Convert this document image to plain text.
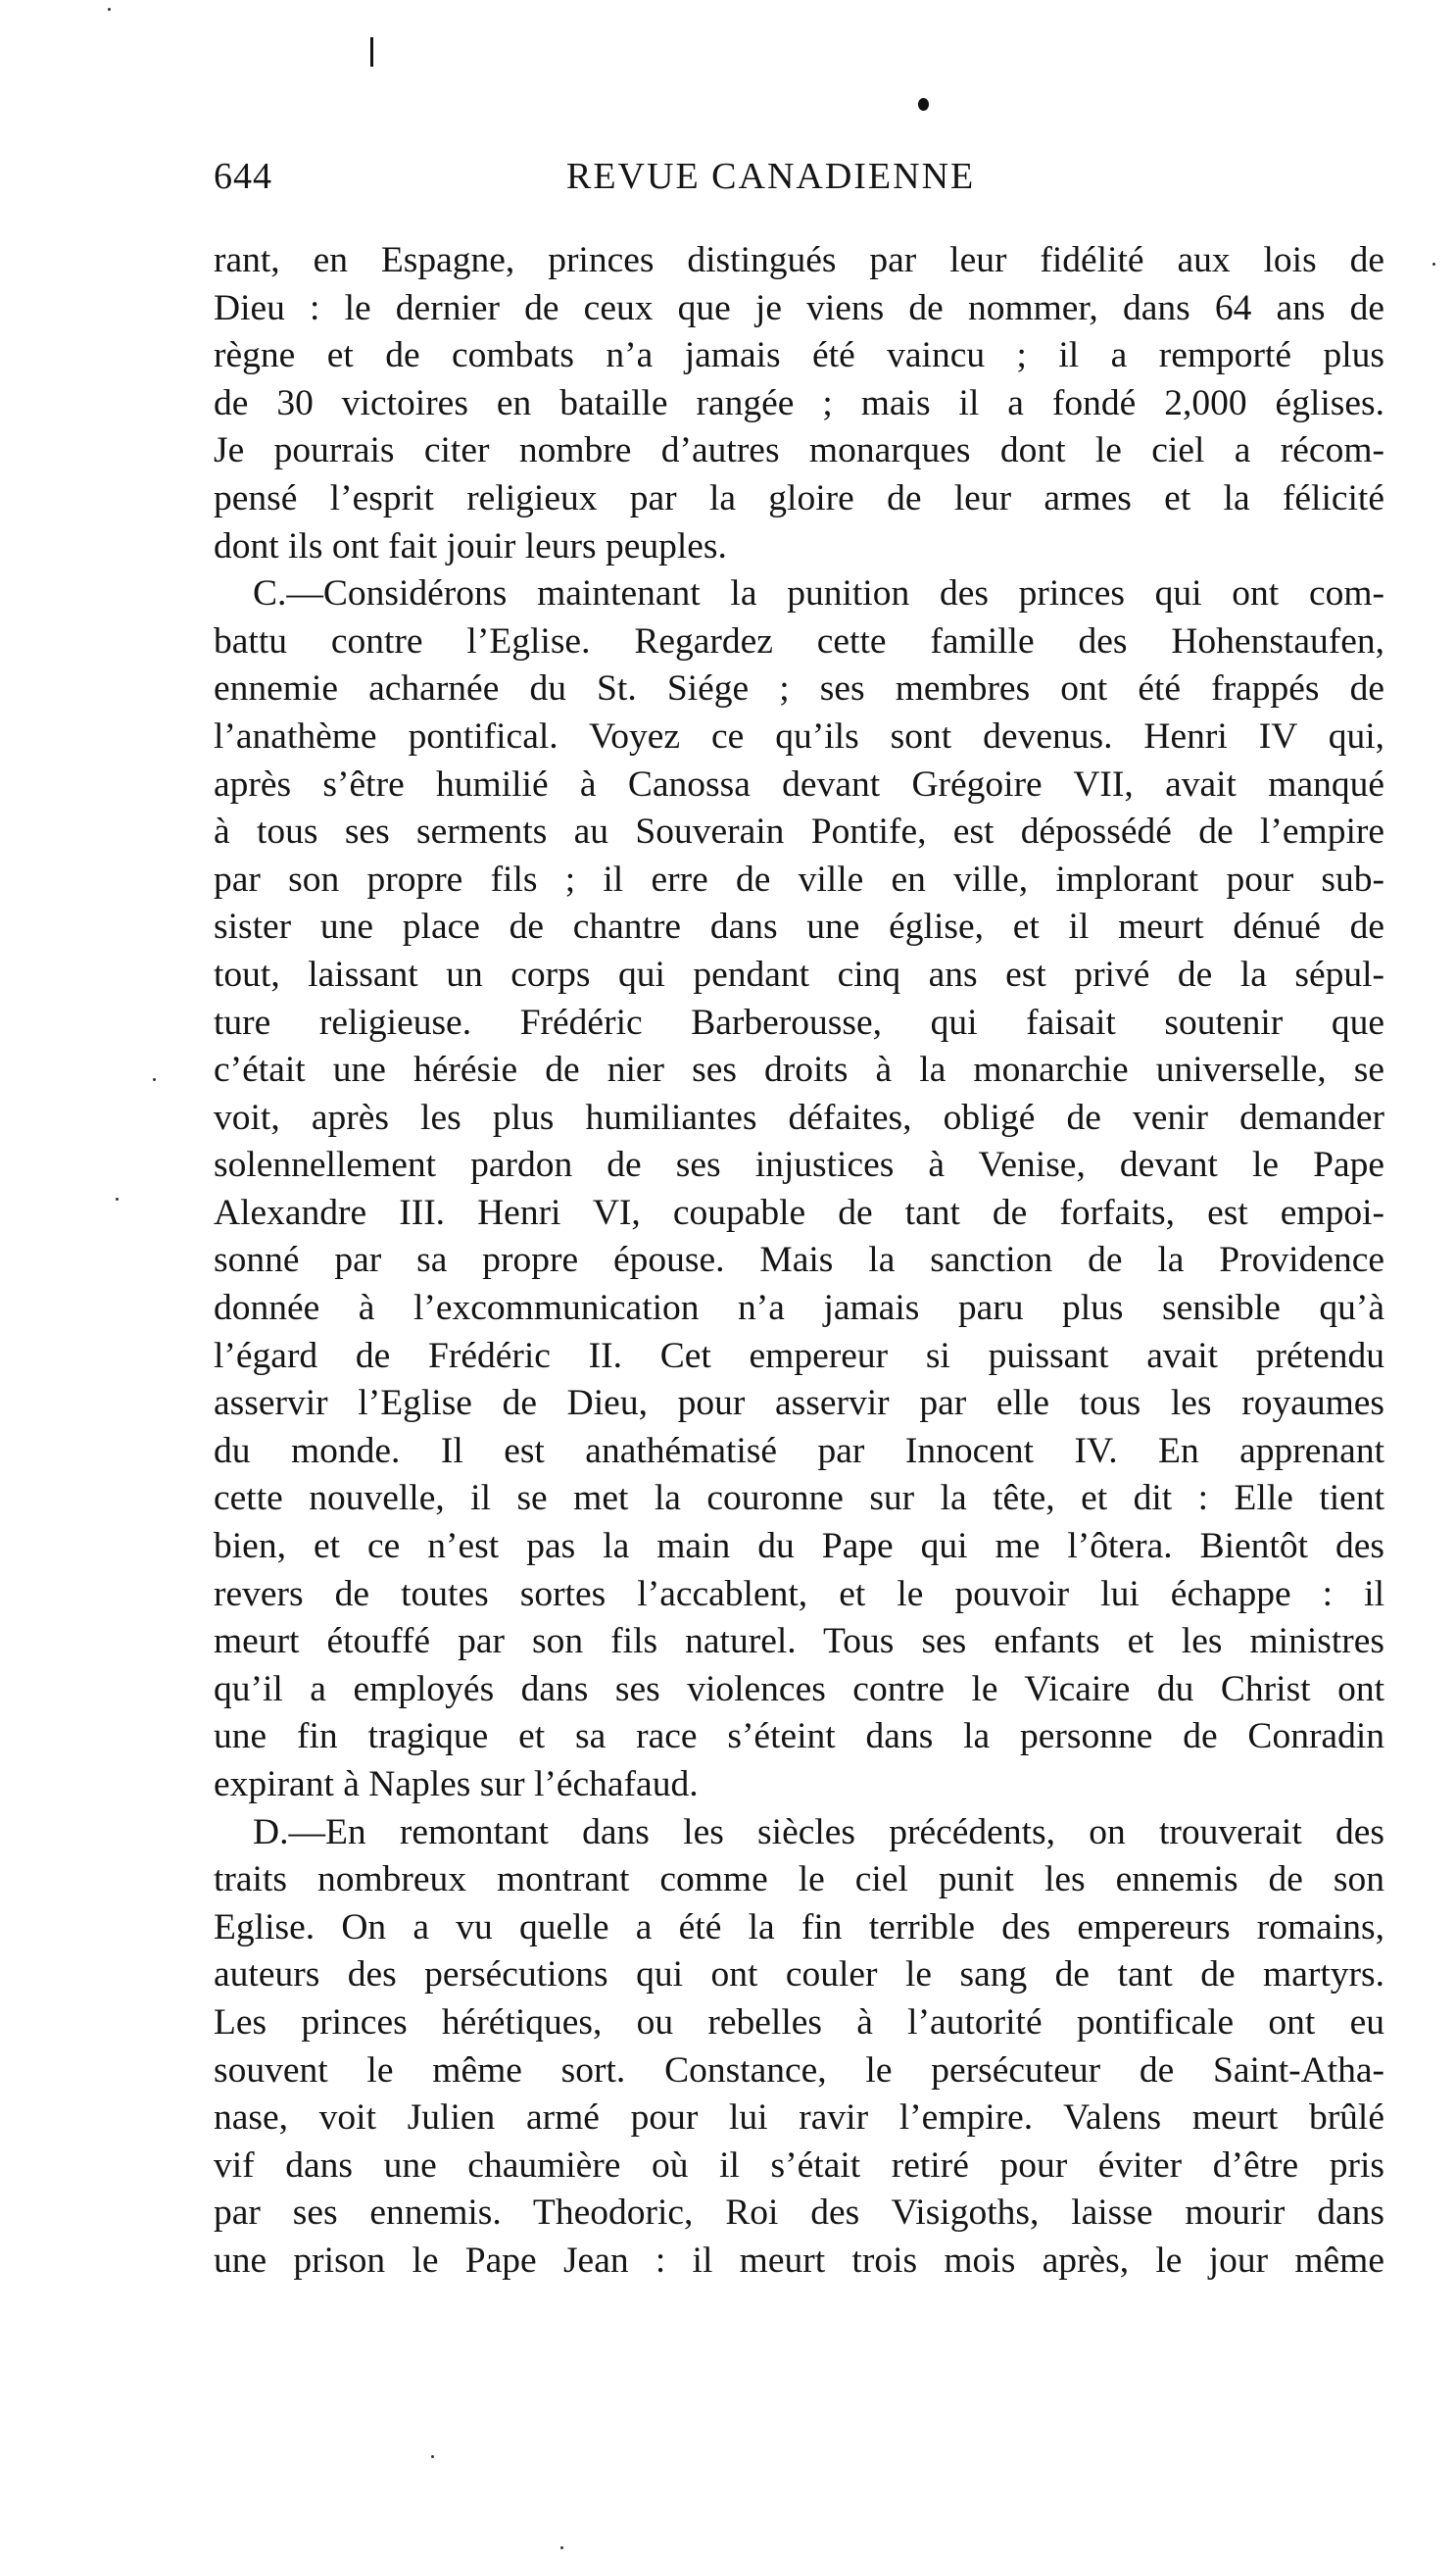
644	REVUE CANADIENNE
rant, en Espagne, princes distingués par leur fidélité aux lois de
Dieu : le dernier de ceux que je viens de nommer, dans 64 ans de
règne et de combats n’a jamais été vaincu ; il a remporté plus
de 30 victoires en bataille rangée ; mais il a fondé 2,000 églises.
Je pourrais citer nombre d’autres monarques dont le ciel a récom-
pensé l’esprit religieux par la gloire de leur armes et la félicité
dont ils ont fait jouir leurs peuples.
C.—Considérons maintenant la punition des princes qui ont com-
battu contre l’Eglise. Regardez cette famille des Hohenstaufen,
ennemie acharnée du St. Siége ; ses membres ont été frappés de
l’anathème pontifical. Voyez ce qu’ils sont devenus. Henri IV qui,
après s’être humilié à Canossa devant Grégoire VII, avait manqué
à tous ses serments au Souverain Pontife, est dépossédé de l’empire
par son propre fils ; il erre de ville en ville, implorant pour sub-
sister une place de chantre dans une église, et il meurt dénué de
tout, laissant un corps qui pendant cinq ans est privé de la sépul-
ture religieuse. Frédéric Barberousse, qui faisait soutenir que
c’était une hérésie de nier ses droits à la monarchie universelle, se
voit, après les plus humiliantes défaites, obligé de venir demander
solennellement pardon de ses injustices à Venise, devant le Pape
Alexandre III. Henri VI, coupable de tant de forfaits, est empoi-
sonné par sa propre épouse. Mais la sanction de la Providence
donnée à l’excommunication n’a jamais paru plus sensible qu’à
l’égard de Frédéric II. Cet empereur si puissant avait prétendu
asservir l’Eglise de Dieu, pour asservir par elle tous les royaumes
du monde. Il est anathématisé par Innocent IV. En apprenant
cette nouvelle, il se met la couronne sur la tête, et dit : Elle tient
bien, et ce n’est pas la main du Pape qui me l’ôtera. Bientôt des
revers de toutes sortes l’accablent, et le pouvoir lui échappe : il
meurt étouffé par son fils naturel. Tous ses enfants et les ministres
qu’il a employés dans ses violences contre le Vicaire du Christ ont
une fin tragique et sa race s’éteint dans la personne de Conradin
expirant à Naples sur l’échafaud.
D.—En remontant dans les siècles précédents, on trouverait des
traits nombreux montrant comme le ciel punit les ennemis de son
Eglise. On a vu quelle a été la fin terrible des empereurs romains,
auteurs des persécutions qui ont couler le sang de tant de martyrs.
Les princes hérétiques, ou rebelles à l’autorité pontificale ont eu
souvent le même sort. Constance, le persécuteur de Saint-Atha-
nase, voit Julien armé pour lui ravir l’empire. Valens meurt brûlé
vif dans une chaumière où il s’était retiré pour éviter d’être pris
par ses ennemis. Theodoric, Roi des Visigoths, laisse mourir dans
une prison le Pape Jean : il meurt trois mois après, le jour même
